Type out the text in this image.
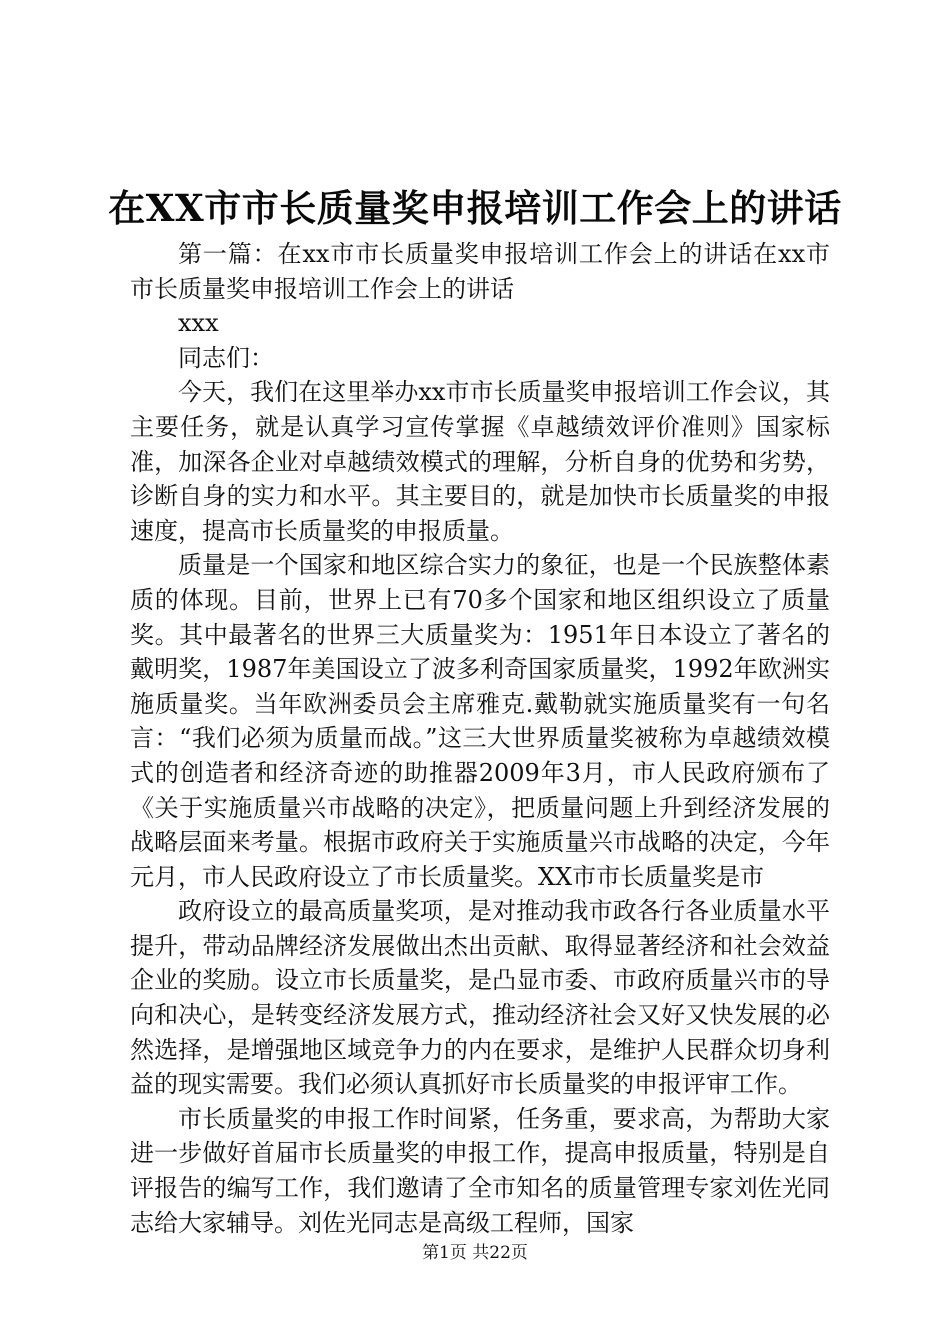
在XX市市长质量奖申报培训工作会上的讲话

第一篇：在xx市市长质量奖申报培训工作会上的讲话在xx市市长质量奖申报培训工作会上的讲话

xxx

同志们：

今天，我们在这里举办xx市市长质量奖申报培训工作会议，其主要任务，就是认真学习宣传掌握《卓越绩效评价准则》国家标准，加深各企业对卓越绩效模式的理解，分析自身的优势和劣势，诊断自身的实力和水平。其主要目的，就是加快市长质量奖的申报速度，提高市长质量奖的申报质量。

质量是一个国家和地区综合实力的象征，也是一个民族整体素质的体现。目前，世界上已有70多个国家和地区组织设立了质量奖。其中最著名的世界三大质量奖为：1951年日本设立了著名的戴明奖，1987年美国设立了波多利奇国家质量奖，1992年欧洲实施质量奖。当年欧洲委员会主席雅克.戴勒就实施质量奖有一句名言：“我们必须为质量而战。”这三大世界质量奖被称为卓越绩效模式的创造者和经济奇迹的助推器2009年3月，市人民政府颁布了《关于实施质量兴市战略的决定》，把质量问题上升到经济发展的战略层面来考量。根据市政府关于实施质量兴市战略的决定，今年元月，市人民政府设立了市长质量奖。XX市市长质量奖是市

政府设立的最高质量奖项，是对推动我市政各行各业质量水平提升，带动品牌经济发展做出杰出贡献、取得显著经济和社会效益企业的奖励。设立市长质量奖，是凸显市委、市政府质量兴市的导向和决心，是转变经济发展方式，推动经济社会又好又快发展的必然选择，是增强地区域竞争力的内在要求，是维护人民群众切身利益的现实需要。我们必须认真抓好市长质量奖的申报评审工作。

市长质量奖的申报工作时间紧，任务重，要求高，为帮助大家进一步做好首届市长质量奖的申报工作，提高申报质量，特别是自评报告的编写工作，我们邀请了全市知名的质量管理专家刘佐光同志给大家辅导。刘佐光同志是高级工程师，国家

第1页 共22页
